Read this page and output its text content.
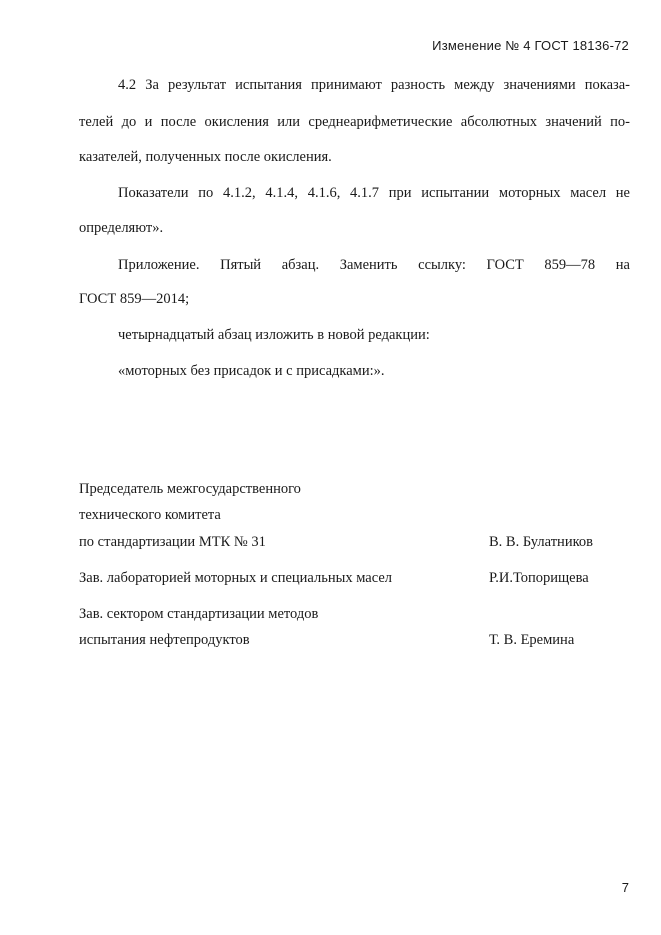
Изменение № 4 ГОСТ 18136-72
4.2 За результат испытания принимают разность между значениями показа-
телей до и после окисления или среднеарифметические абсолютных значений по-
казателей, полученных после окисления.
Показатели по 4.1.2, 4.1.4, 4.1.6, 4.1.7 при испытании моторных масел не
определяют».
Приложение. Пятый абзац. Заменить ссылку: ГОСТ 859—78 на
ГОСТ 859—2014;
четырнадцатый абзац изложить в новой редакции:
«моторных без присадок и с присадками:».
Председатель межгосударственного
технического комитета
по стандартизации МТК № 31	В. В. Булатников
Зав. лабораторией моторных и специальных масел	Р.И.Топорищева
Зав. сектором стандартизации методов
испытания нефтепродуктов	Т. В. Еремина
7
